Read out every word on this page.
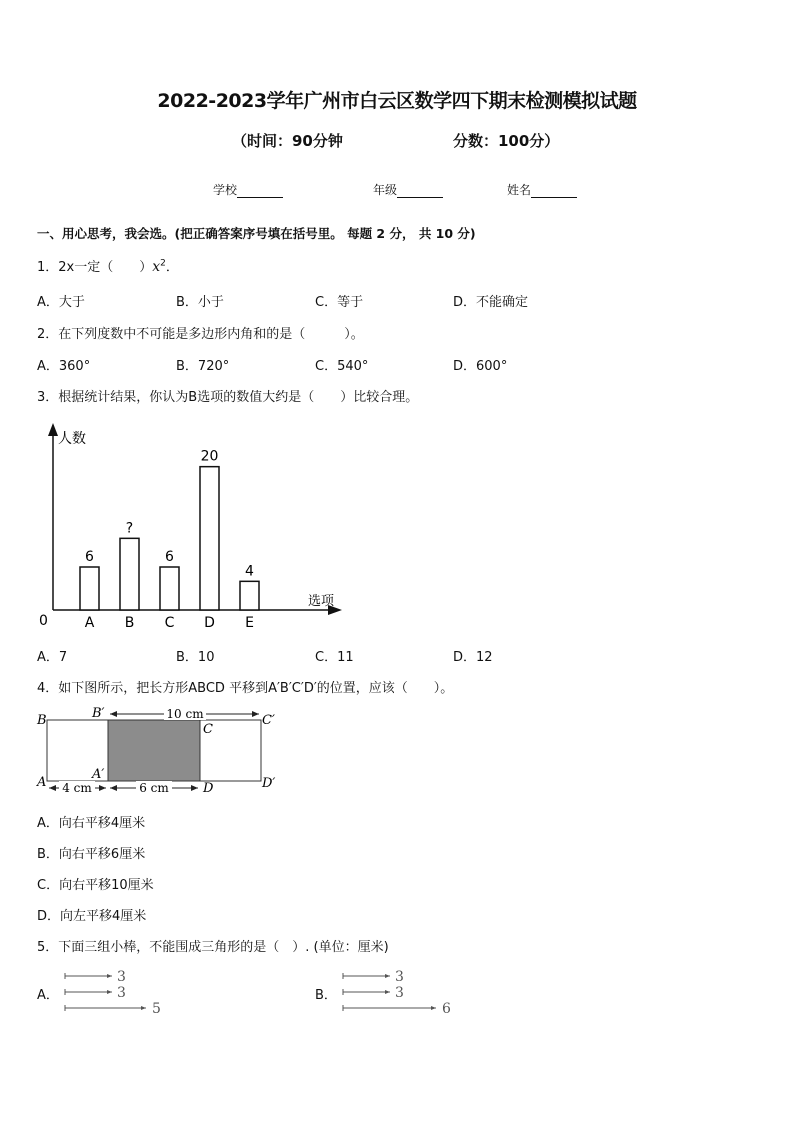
2022-2023学年广州市白云区数学四下期末检测模拟试题
（时间：90分钟	分数：100分）
学校	年级	姓名
一、用心思考，我会选。(把正确答案序号填在括号里。 每题 2 分， 共 10 分)
1．2x一定（　　）$x^2$．
A．大于	B．小于	C．等于	D．不能确定
2．在下列度数中不可能是多边形内角和的是（　　　）。
A．360°	B．720°	C．540°	D．600°
3．根据统计结果，你认为B选项的数值大约是（　　）比较合理。
人数
选项
0
6
A
?
B
6
C
20
D
4
E
A．7	B．10	C．11	D．12
4．如下图所示，把长方形ABCD 平移到A′B′C′D′的位置，应该（　　）。
10 cm
4 cm	6 cm
B
A
B′
A′
C
D
C′
D′
A．向右平移4厘米
B．向右平移6厘米
C．向右平移10厘米
D．向左平移4厘米
5．下面三组小棒，不能围成三角形的是（　）. (单位：厘米)
A．
3
3
5
B．
3
3
6
